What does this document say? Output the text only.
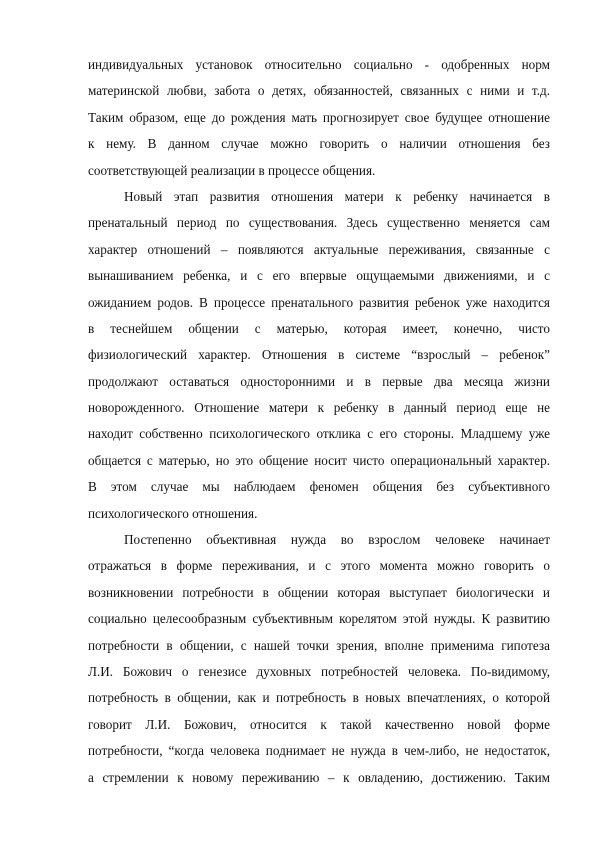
индивидуальных установок относительно социально - одобренных норм
материнской любви, забота о детях, обязанностей, связанных с ними и т.д.
Таким образом, еще до рождения мать прогнозирует свое будущее отношение
к нему. В данном случае можно говорить о наличии отношения без
соответствующей реализации в процессе общения.
Новый этап развития отношения матери к ребенку начинается в
пренатальный период по существования. Здесь существенно меняется сам
характер отношений – появляются актуальные переживания, связанные с
вынашиванием ребенка, и с его впервые ощущаемыми движениями, и с
ожиданием родов. В процессе пренатального развития ребенок уже находится
в теснейшем общении с матерью, которая имеет, конечно, чисто
физиологический характер. Отношения в системе “взрослый – ребенок”
продолжают оставаться односторонними и в первые два месяца жизни
новорожденного. Отношение матери к ребенку в данный период еще не
находит собственно психологического отклика с его стороны. Младшему уже
общается с матерью, но это общение носит чисто операциональный характер.
В этом случае мы наблюдаем феномен общения без субъективного
психологического отношения.
Постепенно объективная нужда во взрослом человеке начинает
отражаться в форме переживания, и с этого момента можно говорить о
возникновении потребности в общении которая выступает биологически и
социально целесообразным субъективным корелятом этой нужды. К развитию
потребности в общении, с нашей точки зрения, вполне применима гипотеза
Л.И. Божович о генезисе духовных потребностей человека. По-видимому,
потребность в общении, как и потребность в новых впечатлениях, о которой
говорит Л.И. Божович, относится к такой качественно новой форме
потребности, “когда человека поднимает не нужда в чем-либо, не недостаток,
а стремлении к новому переживанию – к овладению, достижению. Таким
